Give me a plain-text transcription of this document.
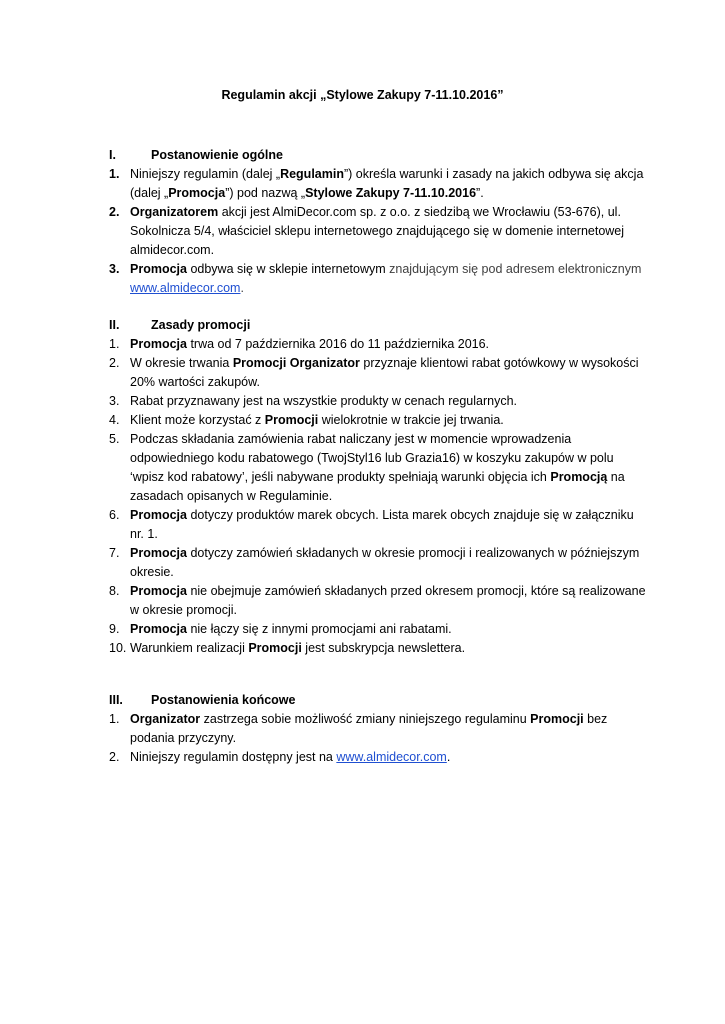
Regulamin akcji „Stylowe Zakupy 7-11.10.2016”
I.	Postanowienie ogólne
1. Niniejszy regulamin (dalej „Regulamin”) określa warunki i zasady na jakich odbywa się akcja (dalej „Promocja”) pod nazwą „Stylowe Zakupy 7-11.10.2016”.
2. Organizatorem akcji jest AlmiDecor.com sp. z o.o. z siedzibą we Wrocławiu (53-676), ul. Sokolnicza 5/4, właściciel sklepu internetowego znajdującego się w domenie internetowej almidecor.com.
3. Promocja odbywa się w sklepie internetowym znajdującym się pod adresem elektronicznym www.almidecor.com.
II.	Zasady promocji
1. Promocja trwa od 7 października 2016 do 11 października 2016.
2. W okresie trwania Promocji Organizator przyznaje klientowi rabat gotówkowy w wysokości 20% wartości zakupów.
3. Rabat przyznawany jest na wszystkie produkty w cenach regularnych.
4. Klient może korzystać z Promocji wielokrotnie w trakcie jej trwania.
5. Podczas składania zamówienia rabat naliczany jest w momencie wprowadzenia odpowiedniego kodu rabatowego (TwojStyl16 lub Grazia16) w koszyku zakupów w polu ‘wpisz kod rabatowy’, jeśli nabywane produkty spełniają warunki objęcia ich Promocją na zasadach opisanych w Regulaminie.
6. Promocja dotyczy produktów marek obcych. Lista marek obcych znajduje się w załączniku nr. 1.
7. Promocja dotyczy zamówień składanych w okresie promocji i realizowanych w późniejszym okresie.
8. Promocja nie obejmuje zamówień składanych przed okresem promocji, które są realizowane w okresie promocji.
9. Promocja nie łączy się z innymi promocjami ani rabatami.
10. Warunkiem realizacji Promocji jest subskrypcja newslettera.
III. Postanowienia końcowe
1. Organizator zastrzega sobie możliwość zmiany niniejszego regulaminu Promocji bez podania przyczyny.
2. Niniejszy regulamin dostępny jest na www.almidecor.com.
